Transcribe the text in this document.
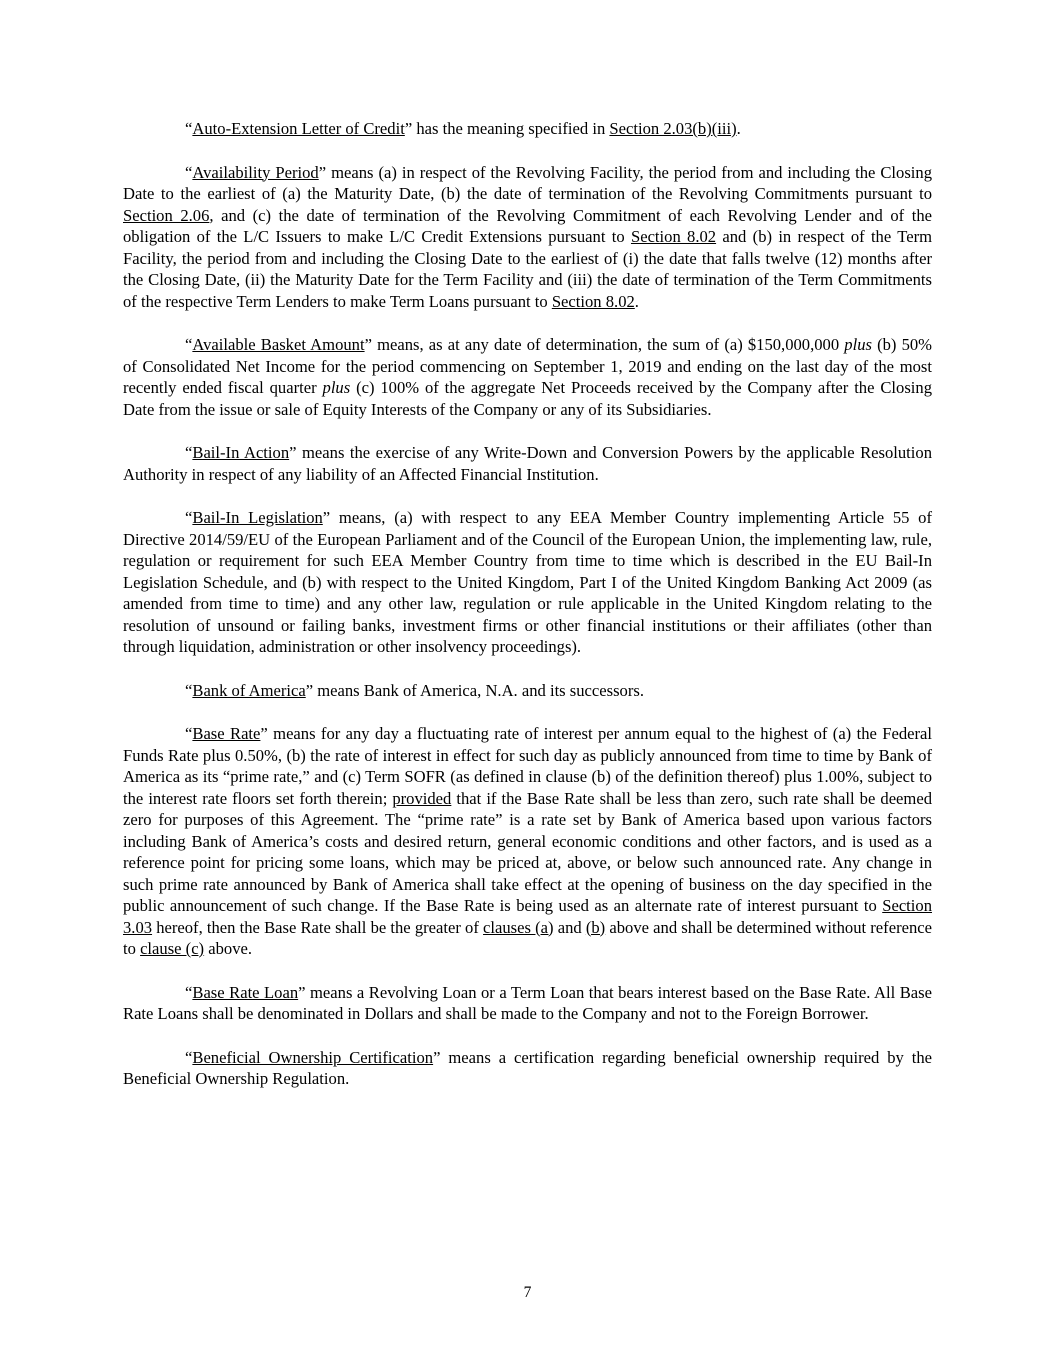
“Auto-Extension Letter of Credit” has the meaning specified in Section 2.03(b)(iii).

“Availability Period” means (a) in respect of the Revolving Facility, the period from and including the Closing Date to the earliest of (a) the Maturity Date, (b) the date of termination of the Revolving Commitments pursuant to Section 2.06, and (c) the date of termination of the Revolving Commitment of each Revolving Lender and of the obligation of the L/C Issuers to make L/C Credit Extensions pursuant to Section 8.02 and (b) in respect of the Term Facility, the period from and including the Closing Date to the earliest of (i) the date that falls twelve (12) months after the Closing Date, (ii) the Maturity Date for the Term Facility and (iii) the date of termination of the Term Commitments of the respective Term Lenders to make Term Loans pursuant to Section 8.02.

“Available Basket Amount” means, as at any date of determination, the sum of (a) $150,000,000 plus (b) 50% of Consolidated Net Income for the period commencing on September 1, 2019 and ending on the last day of the most recently ended fiscal quarter plus (c) 100% of the aggregate Net Proceeds received by the Company after the Closing Date from the issue or sale of Equity Interests of the Company or any of its Subsidiaries.

“Bail-In Action” means the exercise of any Write-Down and Conversion Powers by the applicable Resolution Authority in respect of any liability of an Affected Financial Institution.

“Bail-In Legislation” means, (a) with respect to any EEA Member Country implementing Article 55 of Directive 2014/59/EU of the European Parliament and of the Council of the European Union, the implementing law, rule, regulation or requirement for such EEA Member Country from time to time which is described in the EU Bail-In Legislation Schedule, and (b) with respect to the United Kingdom, Part I of the United Kingdom Banking Act 2009 (as amended from time to time) and any other law, regulation or rule applicable in the United Kingdom relating to the resolution of unsound or failing banks, investment firms or other financial institutions or their affiliates (other than through liquidation, administration or other insolvency proceedings).

“Bank of America” means Bank of America, N.A. and its successors.

“Base Rate” means for any day a fluctuating rate of interest per annum equal to the highest of (a) the Federal Funds Rate plus 0.50%, (b) the rate of interest in effect for such day as publicly announced from time to time by Bank of America as its “prime rate,” and (c) Term SOFR (as defined in clause (b) of the definition thereof) plus 1.00%, subject to the interest rate floors set forth therein; provided that if the Base Rate shall be less than zero, such rate shall be deemed zero for purposes of this Agreement. The “prime rate” is a rate set by Bank of America based upon various factors including Bank of America’s costs and desired return, general economic conditions and other factors, and is used as a reference point for pricing some loans, which may be priced at, above, or below such announced rate. Any change in such prime rate announced by Bank of America shall take effect at the opening of business on the day specified in the public announcement of such change. If the Base Rate is being used as an alternate rate of interest pursuant to Section 3.03 hereof, then the Base Rate shall be the greater of clauses (a) and (b) above and shall be determined without reference to clause (c) above.

“Base Rate Loan” means a Revolving Loan or a Term Loan that bears interest based on the Base Rate. All Base Rate Loans shall be denominated in Dollars and shall be made to the Company and not to the Foreign Borrower.

“Beneficial Ownership Certification” means a certification regarding beneficial ownership required by the Beneficial Ownership Regulation.

7
